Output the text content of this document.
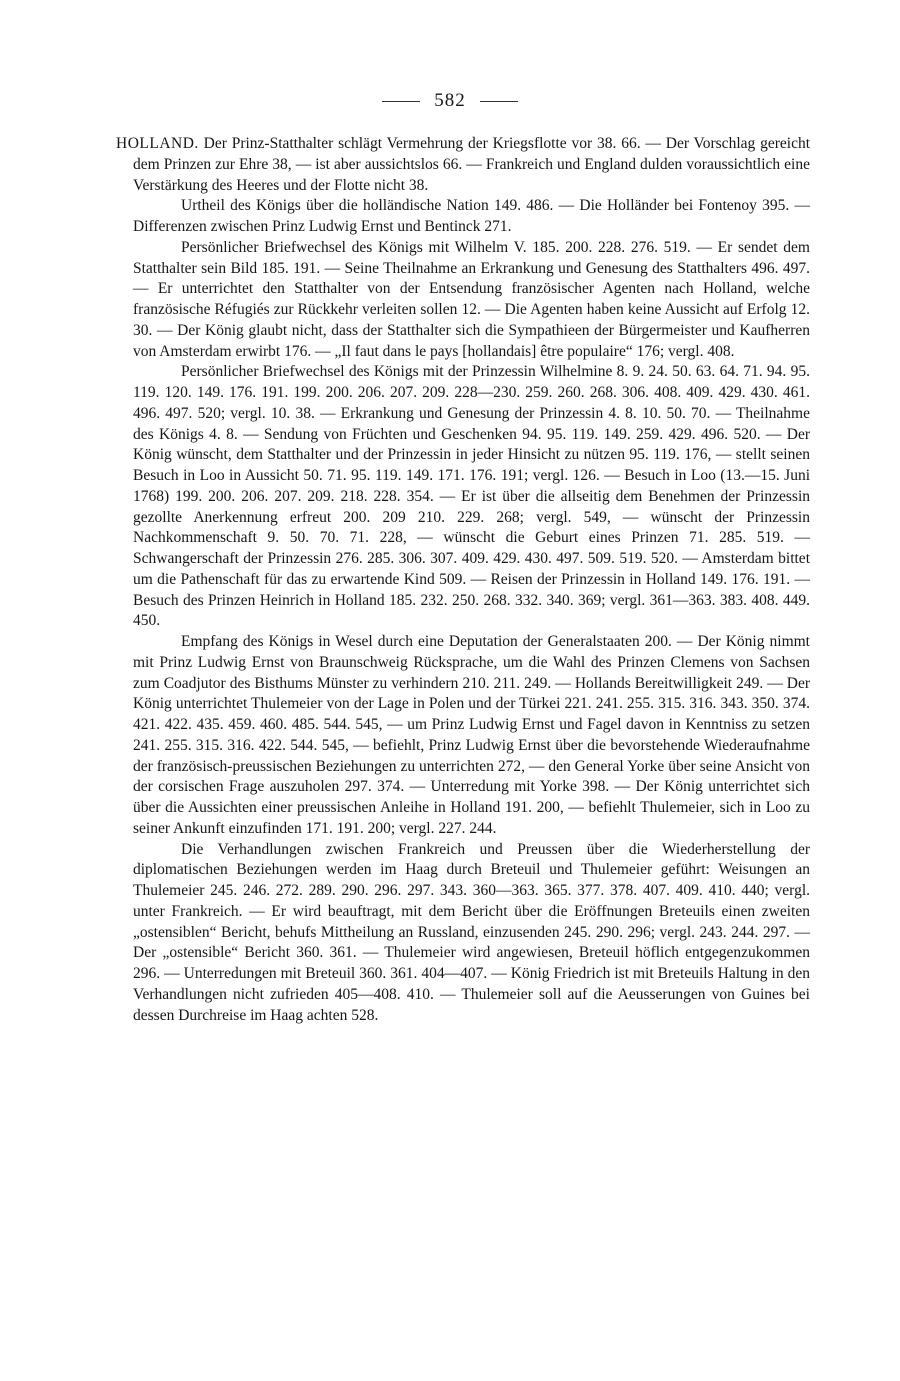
582

HOLLAND. Der Prinz-Statthalter schlägt Vermehrung der Kriegsflotte vor 38. 66. — Der Vorschlag gereicht dem Prinzen zur Ehre 38, — ist aber aussichtslos 66. — Frankreich und England dulden voraussichtlich eine Verstärkung des Heeres und der Flotte nicht 38.

Urtheil des Königs über die holländische Nation 149. 486. — Die Holländer bei Fontenoy 395. — Differenzen zwischen Prinz Ludwig Ernst und Bentinck 271.

Persönlicher Briefwechsel des Königs mit Wilhelm V. 185. 200. 228. 276. 519. — Er sendet dem Statthalter sein Bild 185. 191. — Seine Theilnahme an Erkrankung und Genesung des Statthalters 496. 497. — Er unterrichtet den Statthalter von der Entsendung französischer Agenten nach Holland, welche französische Réfugiés zur Rückkehr verleiten sollen 12. — Die Agenten haben keine Aussicht auf Erfolg 12. 30. — Der König glaubt nicht, dass der Statthalter sich die Sympathieen der Bürgermeister und Kaufherren von Amsterdam erwirbt 176. — „Il faut dans le pays [hollandais] être populaire“ 176; vergl. 408.

Persönlicher Briefwechsel des Königs mit der Prinzessin Wilhelmine 8. 9. 24. 50. 63. 64. 71. 94. 95. 119. 120. 149. 176. 191. 199. 200. 206. 207. 209. 228—230. 259. 260. 268. 306. 408. 409. 429. 430. 461. 496. 497. 520; vergl. 10. 38. — Erkrankung und Genesung der Prinzessin 4. 8. 10. 50. 70. — Theilnahme des Königs 4. 8. — Sendung von Früchten und Geschenken 94. 95. 119. 149. 259. 429. 496. 520. — Der König wünscht, dem Statthalter und der Prinzessin in jeder Hinsicht zu nützen 95. 119. 176, — stellt seinen Besuch in Loo in Aussicht 50. 71. 95. 119. 149. 171. 176. 191; vergl. 126. — Besuch in Loo (13.—15. Juni 1768) 199. 200. 206. 207. 209. 218. 228. 354. — Er ist über die allseitig dem Benehmen der Prinzessin gezollte Anerkennung erfreut 200. 209 210. 229. 268; vergl. 549, — wünscht der Prinzessin Nachkommenschaft 9. 50. 70. 71. 228, — wünscht die Geburt eines Prinzen 71. 285. 519. — Schwangerschaft der Prinzessin 276. 285. 306. 307. 409. 429. 430. 497. 509. 519. 520. — Amsterdam bittet um die Pathenschaft für das zu erwartende Kind 509. — Reisen der Prinzessin in Holland 149. 176. 191. — Besuch des Prinzen Heinrich in Holland 185. 232. 250. 268. 332. 340. 369; vergl. 361—363. 383. 408. 449. 450.

Empfang des Königs in Wesel durch eine Deputation der Generalstaaten 200. — Der König nimmt mit Prinz Ludwig Ernst von Braunschweig Rücksprache, um die Wahl des Prinzen Clemens von Sachsen zum Coadjutor des Bisthums Münster zu verhindern 210. 211. 249. — Hollands Bereitwilligkeit 249. — Der König unterrichtet Thulemeier von der Lage in Polen und der Türkei 221. 241. 255. 315. 316. 343. 350. 374. 421. 422. 435. 459. 460. 485. 544. 545, — um Prinz Ludwig Ernst und Fagel davon in Kenntniss zu setzen 241. 255. 315. 316. 422. 544. 545, — befiehlt, Prinz Ludwig Ernst über die bevorstehende Wiederaufnahme der französisch-preussischen Beziehungen zu unterrichten 272, — den General Yorke über seine Ansicht von der corsischen Frage auszuholen 297. 374. — Unterredung mit Yorke 398. — Der König unterrichtet sich über die Aussichten einer preussischen Anleihe in Holland 191. 200, — befiehlt Thulemeier, sich in Loo zu seiner Ankunft einzufinden 171. 191. 200; vergl. 227. 244.

Die Verhandlungen zwischen Frankreich und Preussen über die Wiederherstellung der diplomatischen Beziehungen werden im Haag durch Breteuil und Thulemeier geführt: Weisungen an Thulemeier 245. 246. 272. 289. 290. 296. 297. 343. 360—363. 365. 377. 378. 407. 409. 410. 440; vergl. unter Frankreich. — Er wird beauftragt, mit dem Bericht über die Eröffnungen Breteuils einen zweiten „ostensiblen“ Bericht, behufs Mittheilung an Russland, einzusenden 245. 290. 296; vergl. 243. 244. 297. — Der „ostensible“ Bericht 360. 361. — Thulemeier wird angewiesen, Breteuil höflich entgegenzukommen 296. — Unterredungen mit Breteuil 360. 361. 404—407. — König Friedrich ist mit Breteuils Haltung in den Verhandlungen nicht zufrieden 405—408. 410. — Thulemeier soll auf die Aeusserungen von Guines bei dessen Durchreise im Haag achten 528.
